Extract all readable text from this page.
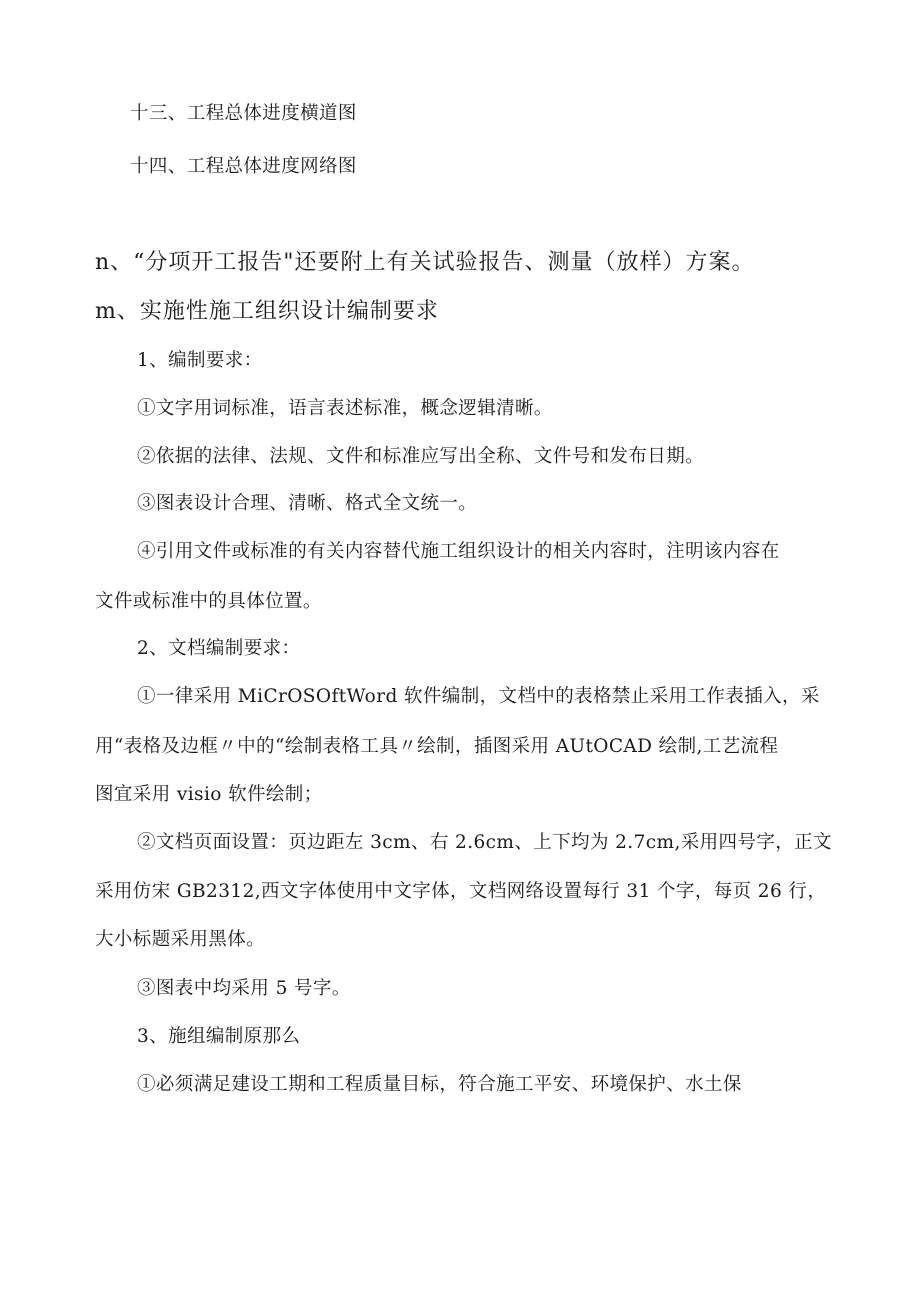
十三、工程总体进度横道图
十四、工程总体进度网络图
n、“分项开工报告"还要附上有关试验报告、测量（放样）方案。
m、实施性施工组织设计编制要求
1、编制要求：
①文字用词标准，语言表述标准，概念逻辑清晰。
②依据的法律、法规、文件和标准应写出全称、文件号和发布日期。
③图表设计合理、清晰、格式全文统一。
④引用文件或标准的有关内容替代施工组织设计的相关内容时，注明该内容在
文件或标准中的具体位置。
2、文档编制要求：
①一律采用 MiCrOSOftWord 软件编制，文档中的表格禁止采用工作表插入，采
用“表格及边框〃中的“绘制表格工具〃绘制，插图采用 AUtOCAD 绘制,工艺流程
图宜采用 visio 软件绘制；
②文档页面设置：页边距左 3cm、右 2.6cm、上下均为 2.7cm,采用四号字，正文
采用仿宋 GB2312,西文字体使用中文字体，文档网络设置每行 31 个字，每页 26 行，
大小标题采用黑体。
③图表中均采用 5 号字。
3、施组编制原那么
①必须满足建设工期和工程质量目标，符合施工平安、环境保护、水土保
